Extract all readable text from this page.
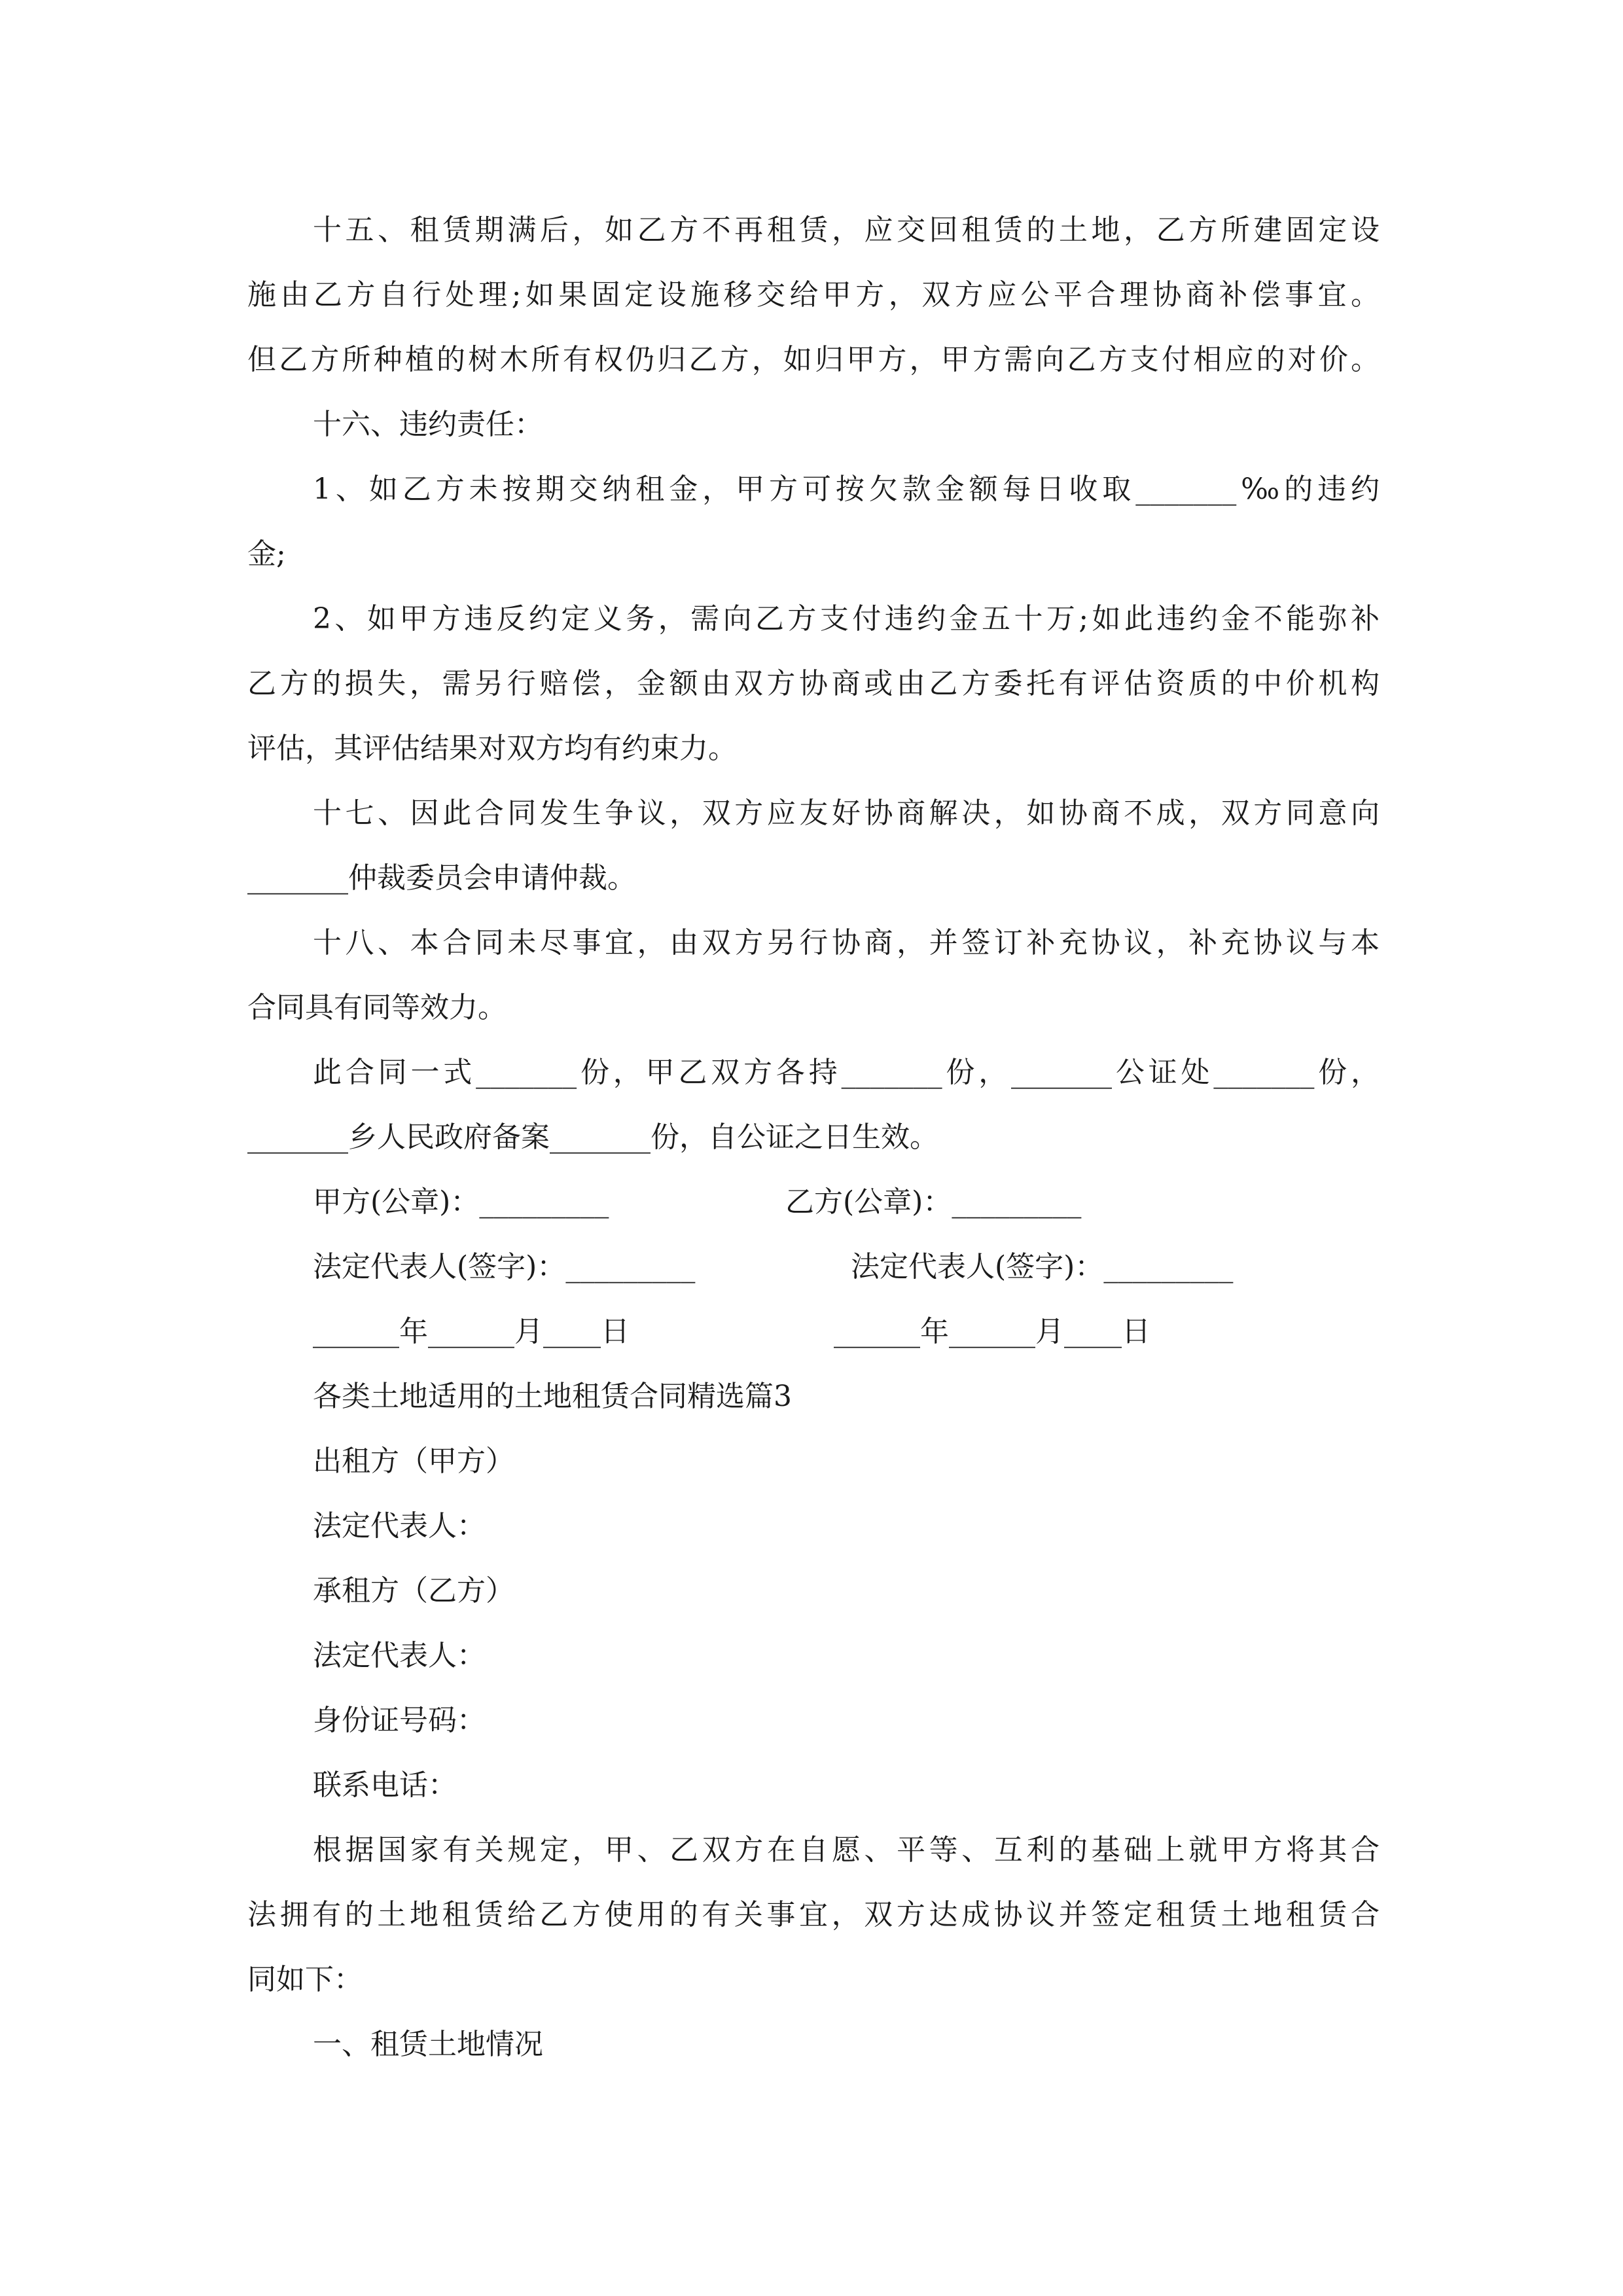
十五、租赁期满后，如乙方不再租赁，应交回租赁的土地，乙方所建固定设
施由乙方自行处理;如果固定设施移交给甲方，双方应公平合理协商补偿事宜。
但乙方所种植的树木所有权仍归乙方，如归甲方，甲方需向乙方支付相应的对价。
十六、违约责任：
1、如乙方未按期交纳租金，甲方可按欠款金额每日收取_______‰的违约
金;
2、如甲方违反约定义务，需向乙方支付违约金五十万;如此违约金不能弥补
乙方的损失，需另行赔偿，金额由双方协商或由乙方委托有评估资质的中价机构
评估，其评估结果对双方均有约束力。
十七、因此合同发生争议，双方应友好协商解决，如协商不成，双方同意向
_______仲裁委员会申请仲裁。
十八、本合同未尽事宜，由双方另行协商，并签订补充协议，补充协议与本
合同具有同等效力。
此合同一式_______份，甲乙双方各持_______份，_______公证处_______份，
_______乡人民政府备案_______份，自公证之日生效。
甲方(公章)：_________	乙方(公章)：_________
法定代表人(签字)：_________	法定代表人(签字)：_________
______年______月____日	______年______月____日
各类土地适用的土地租赁合同精选篇3
出租方（甲方）
法定代表人：
承租方（乙方）
法定代表人：
身份证号码：
联系电话：
根据国家有关规定，甲、乙双方在自愿、平等、互利的基础上就甲方将其合
法拥有的土地租赁给乙方使用的有关事宜，双方达成协议并签定租赁土地租赁合
同如下：
一、租赁土地情况
